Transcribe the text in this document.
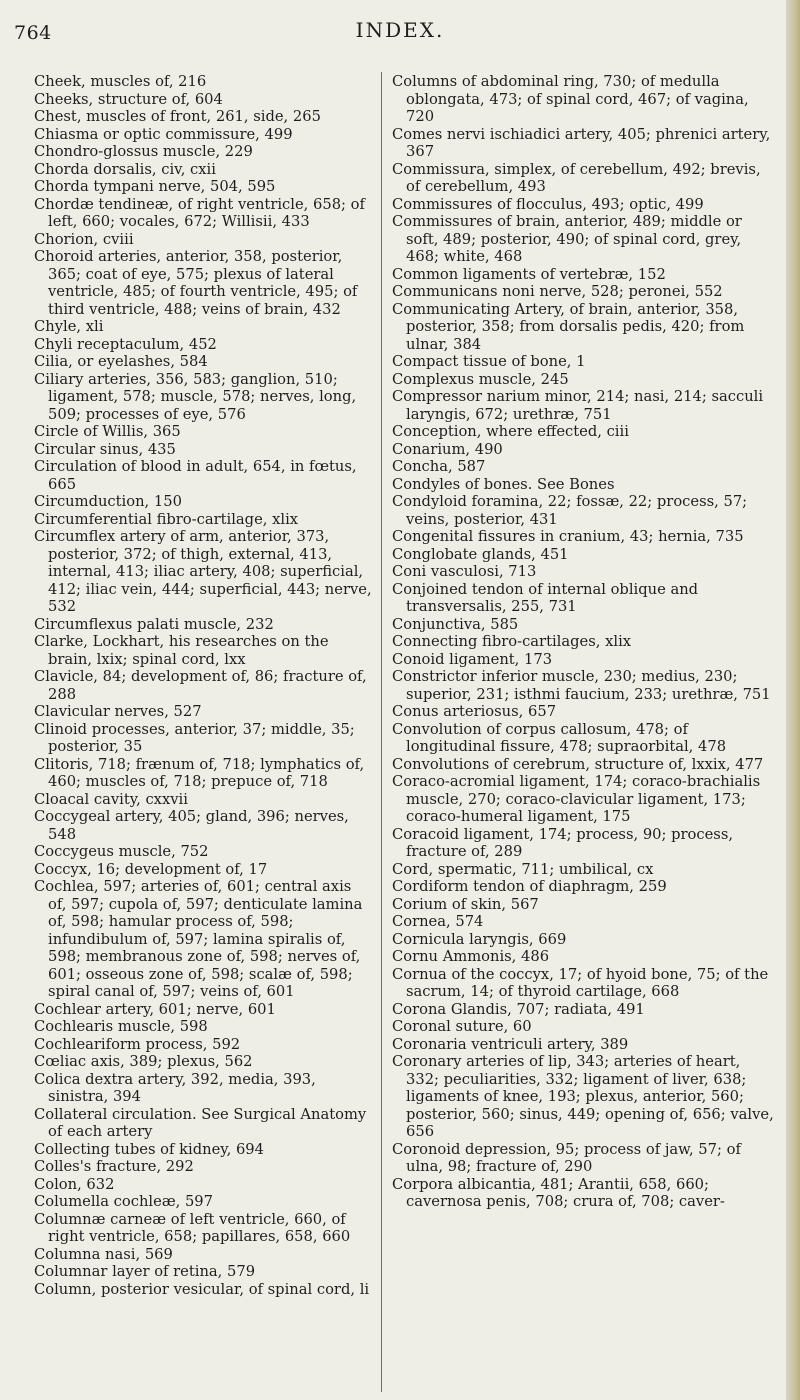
764	INDEX.

Cheek, muscles of, 216

Cheeks, structure of, 604

Chest, muscles of front, 261, side, 265

Chiasma or optic commissure, 499

Chondro-glossus muscle, 229

Chorda dorsalis, civ, cxii

Chorda tympani nerve, 504, 595

Chordæ tendineæ, of right ventricle, 658; of left, 660; vocales, 672; Willisii, 433

Chorion, cviii

Choroid arteries, anterior, 358, posterior, 365; coat of eye, 575; plexus of lateral ventricle, 485; of fourth ventricle, 495; of third ventricle, 488; veins of brain, 432

Chyle, xli

Chyli receptaculum, 452

Cilia, or eyelashes, 584

Ciliary arteries, 356, 583; ganglion, 510; ligament, 578; muscle, 578; nerves, long, 509; processes of eye, 576

Circle of Willis, 365

Circular sinus, 435

Circulation of blood in adult, 654, in fœtus, 665

Circumduction, 150

Circumferential fibro-cartilage, xlix

Circumflex artery of arm, anterior, 373, posterior, 372; of thigh, external, 413, internal, 413; iliac artery, 408; superficial, 412; iliac vein, 444; superficial, 443; nerve, 532

Circumflexus palati muscle, 232

Clarke, Lockhart, his researches on the brain, lxix; spinal cord, lxx

Clavicle, 84; development of, 86; fracture of, 288

Clavicular nerves, 527

Clinoid processes, anterior, 37; middle, 35; posterior, 35

Clitoris, 718; frænum of, 718; lymphatics of, 460; muscles of, 718; prepuce of, 718

Cloacal cavity, cxxvii

Coccygeal artery, 405; gland, 396; nerves, 548

Coccygeus muscle, 752

Coccyx, 16; development of, 17

Cochlea, 597; arteries of, 601; central axis of, 597; cupola of, 597; denticulate lamina of, 598; hamular process of, 598; infundibulum of, 597; lamina spiralis of, 598; membranous zone of, 598; nerves of, 601; osseous zone of, 598; scalæ of, 598; spiral canal of, 597; veins of, 601

Cochlear artery, 601; nerve, 601

Cochlearis muscle, 598

Cochleariform process, 592

Cœliac axis, 389; plexus, 562

Colica dextra artery, 392, media, 393, sinistra, 394

Collateral circulation. See Surgical Anatomy of each artery

Collecting tubes of kidney, 694

Colles's fracture, 292

Colon, 632

Columella cochleæ, 597

Columnæ carneæ of left ventricle, 660, of right ventricle, 658; papillares, 658, 660

Columna nasi, 569

Columnar layer of retina, 579

Column, posterior vesicular, of spinal cord, li

Columns of abdominal ring, 730; of medulla oblongata, 473; of spinal cord, 467; of vagina, 720

Comes nervi ischiadici artery, 405; phrenici artery, 367

Commissura, simplex, of cerebellum, 492; brevis, of cerebellum, 493

Commissures of flocculus, 493; optic, 499

Commissures of brain, anterior, 489; middle or soft, 489; posterior, 490; of spinal cord, grey, 468; white, 468

Common ligaments of vertebræ, 152

Communicans noni nerve, 528; peronei, 552

Communicating Artery, of brain, anterior, 358, posterior, 358; from dorsalis pedis, 420; from ulnar, 384

Compact tissue of bone, 1

Complexus muscle, 245

Compressor narium minor, 214; nasi, 214; sacculi laryngis, 672; urethræ, 751

Conception, where effected, ciii

Conarium, 490

Concha, 587

Condyles of bones. See Bones

Condyloid foramina, 22; fossæ, 22; process, 57; veins, posterior, 431

Congenital fissures in cranium, 43; hernia, 735

Conglobate glands, 451

Coni vasculosi, 713

Conjoined tendon of internal oblique and transversalis, 255, 731

Conjunctiva, 585

Connecting fibro-cartilages, xlix

Conoid ligament, 173

Constrictor inferior muscle, 230; medius, 230; superior, 231; isthmi faucium, 233; urethræ, 751

Conus arteriosus, 657

Convolution of corpus callosum, 478; of longitudinal fissure, 478; supraorbital, 478

Convolutions of cerebrum, structure of, lxxix, 477

Coraco-acromial ligament, 174; coraco-brachialis muscle, 270; coraco-clavicular ligament, 173; coraco-humeral ligament, 175

Coracoid ligament, 174; process, 90; process, fracture of, 289

Cord, spermatic, 711; umbilical, cx

Cordiform tendon of diaphragm, 259

Corium of skin, 567

Cornea, 574

Cornicula laryngis, 669

Cornu Ammonis, 486

Cornua of the coccyx, 17; of hyoid bone, 75; of the sacrum, 14; of thyroid cartilage, 668

Corona Glandis, 707; radiata, 491

Coronal suture, 60

Coronaria ventriculi artery, 389

Coronary arteries of lip, 343; arteries of heart, 332; peculiarities, 332; ligament of liver, 638; ligaments of knee, 193; plexus, anterior, 560; posterior, 560; sinus, 449; opening of, 656; valve, 656

Coronoid depression, 95; process of jaw, 57; of ulna, 98; fracture of, 290

Corpora albicantia, 481; Arantii, 658, 660; cavernosa penis, 708; crura of, 708; caver-
